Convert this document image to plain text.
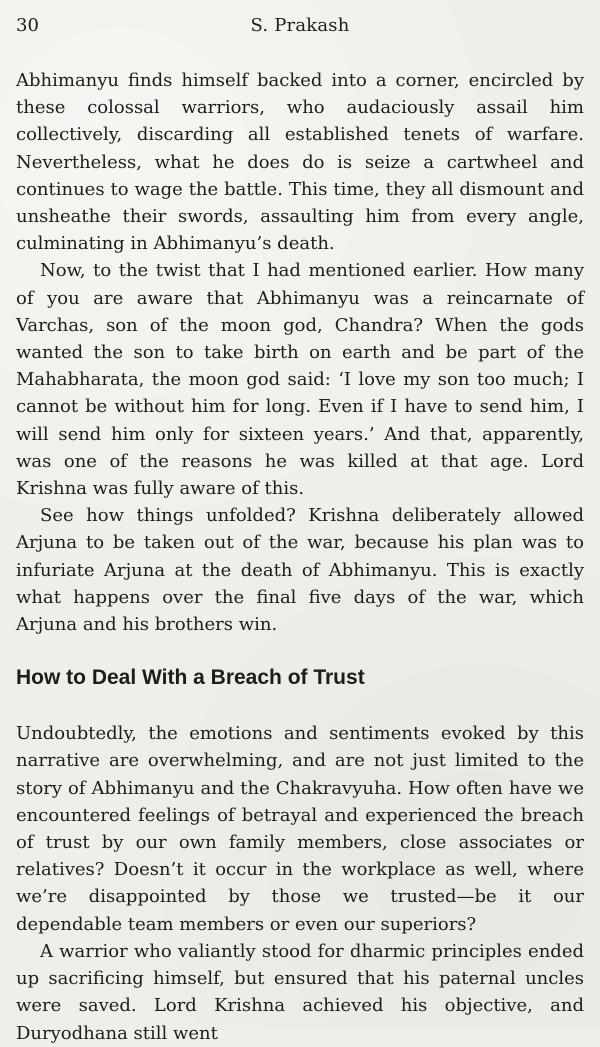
30	S. Prakash

Abhimanyu finds himself backed into a corner, encircled by these colossal warriors, who audaciously assail him collectively, discarding all established tenets of warfare. Nevertheless, what he does do is seize a cartwheel and continues to wage the battle. This time, they all dismount and unsheathe their swords, assaulting him from every angle, culminating in Abhimanyu’s death.

Now, to the twist that I had mentioned earlier. How many of you are aware that Abhimanyu was a reincarnate of Varchas, son of the moon god, Chandra? When the gods wanted the son to take birth on earth and be part of the Mahabharata, the moon god said: ‘I love my son too much; I cannot be without him for long. Even if I have to send him, I will send him only for sixteen years.’ And that, apparently, was one of the reasons he was killed at that age. Lord Krishna was fully aware of this.

See how things unfolded? Krishna deliberately allowed Arjuna to be taken out of the war, because his plan was to infuriate Arjuna at the death of Abhimanyu. This is exactly what happens over the final five days of the war, which Arjuna and his brothers win.

How to Deal With a Breach of Trust

Undoubtedly, the emotions and sentiments evoked by this narrative are overwhelming, and are not just limited to the story of Abhimanyu and the Chakravyuha. How often have we encountered feelings of betrayal and experienced the breach of trust by our own family members, close associates or relatives? Doesn’t it occur in the workplace as well, where we’re disappointed by those we trusted—be it our dependable team members or even our superiors?

A warrior who valiantly stood for dharmic principles ended up sacrificing himself, but ensured that his paternal uncles were saved. Lord Krishna achieved his objective, and Duryodhana still went
